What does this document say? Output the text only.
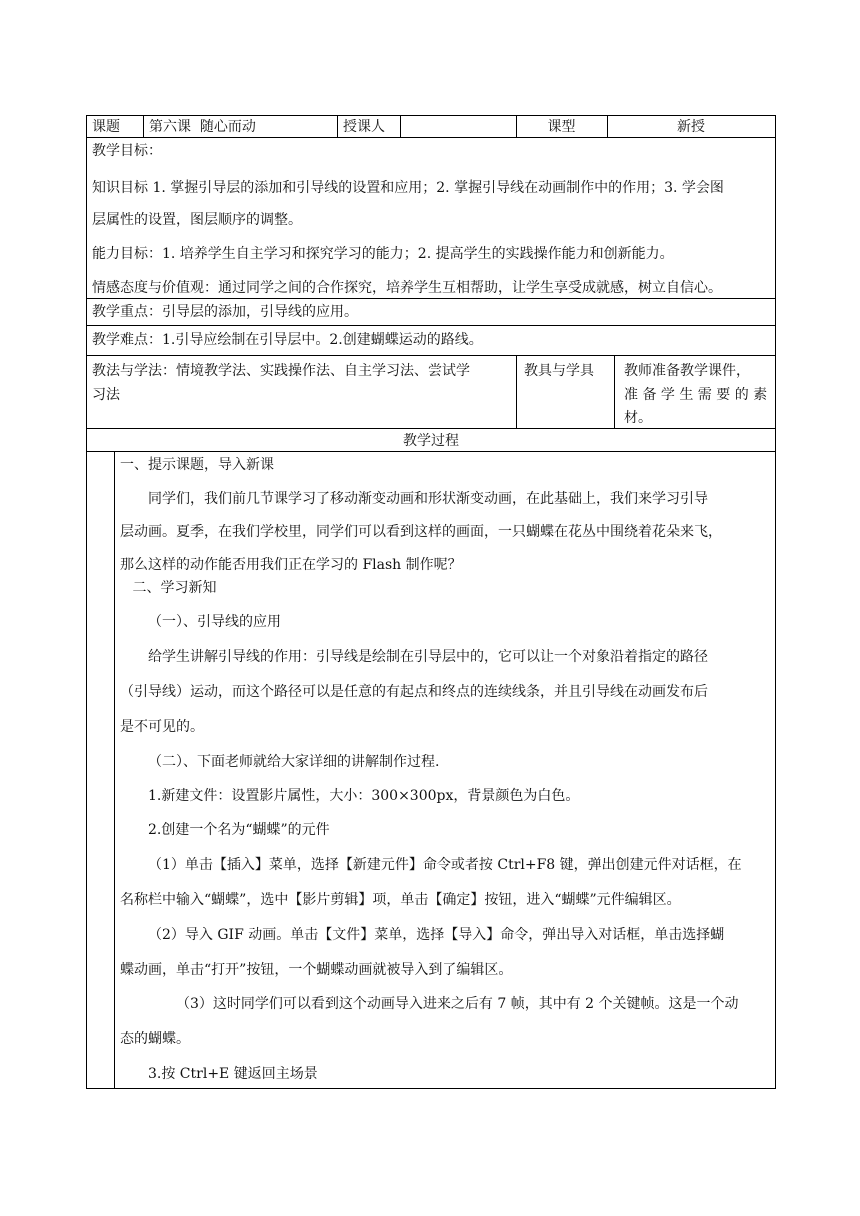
课题 第六课  随心而动	授课人	课型	新授
教学目标：
知识目标 1. 掌握引导层的添加和引导线的设置和应用；2. 掌握引导线在动画制作中的作用；3. 学会图
层属性的设置，图层顺序的调整。
能力目标：1. 培养学生自主学习和探究学习的能力；2. 提高学生的实践操作能力和创新能力。
情感态度与价值观：通过同学之间的合作探究，培养学生互相帮助，让学生享受成就感，树立自信心。
教学重点：引导层的添加，引导线的应用。
教学难点：1.引导应绘制在引导层中。2.创建蝴蝶运动的路线。
教法与学法：情境教学法、实践操作法、自主学习法、尝试学
习法
教具与学具 教师准备教学课件，
准 备 学 生 需 要 的 素
材。
教学过程
一、提示课题，导入新课
同学们，我们前几节课学习了移动渐变动画和形状渐变动画，在此基础上，我们来学习引导
层动画。夏季，在我们学校里，同学们可以看到这样的画面，一只蝴蝶在花丛中围绕着花朵来飞，
那么这样的动作能否用我们正在学习的 Flash 制作呢？
二、学习新知
（一）、引导线的应用
给学生讲解引导线的作用：引导线是绘制在引导层中的，它可以让一个对象沿着指定的路径
（引导线）运动，而这个路径可以是任意的有起点和终点的连续线条，并且引导线在动画发布后
是不可见的。
（二）、下面老师就给大家详细的讲解制作过程.
1.新建文件：设置影片属性，大小：300×300px，背景颜色为白色。
2.创建一个名为“蝴蝶”的元件
（1）单击【插入】菜单，选择【新建元件】命令或者按 Ctrl+F8 键，弹出创建元件对话框，在
名称栏中输入“蝴蝶”，选中【影片剪辑】项，单击【确定】按钮，进入“蝴蝶”元件编辑区。
（2）导入 GIF 动画。单击【文件】菜单，选择【导入】命令，弹出导入对话框，单击选择蝴
蝶动画，单击“打开”按钮，一个蝴蝶动画就被导入到了编辑区。
（3）这时同学们可以看到这个动画导入进来之后有 7 帧，其中有 2 个关键帧。这是一个动
态的蝴蝶。
3.按 Ctrl+E 键返回主场景
